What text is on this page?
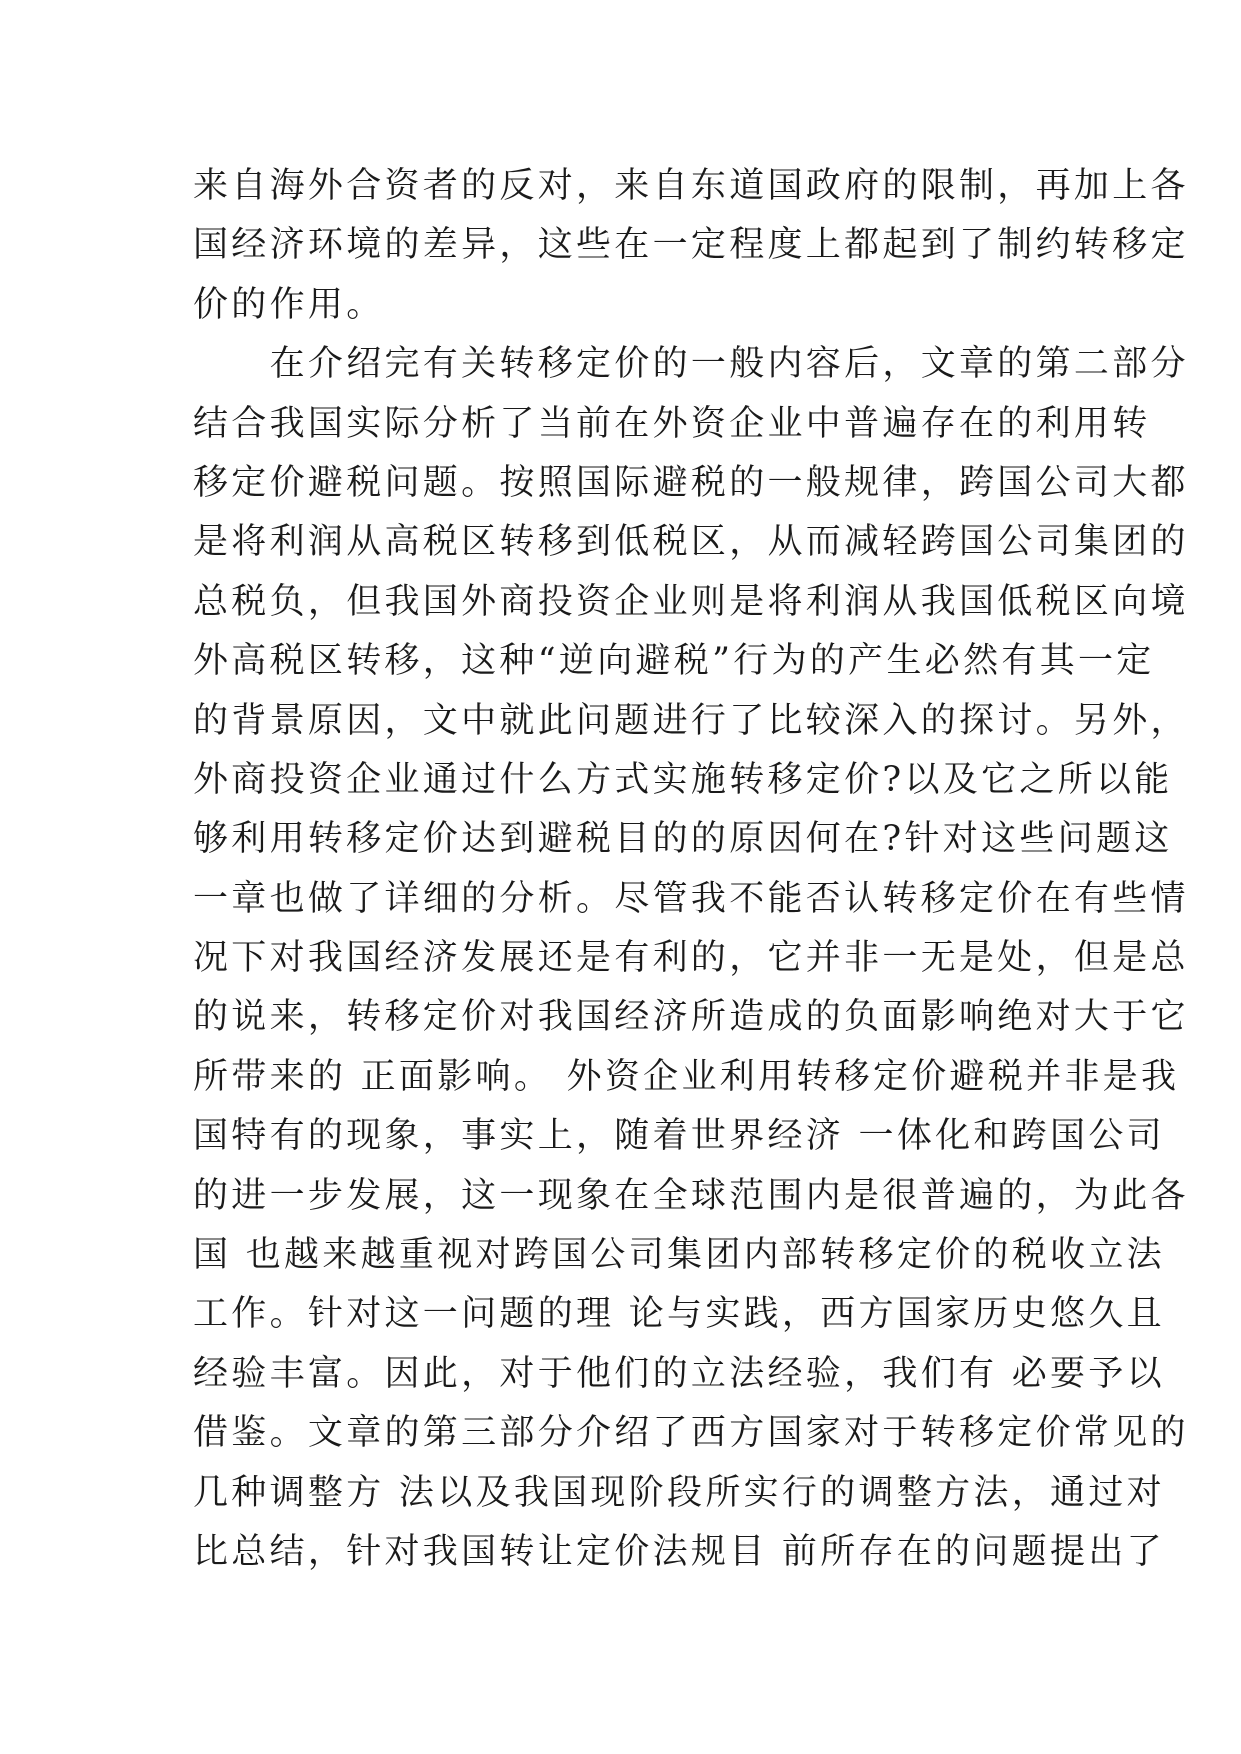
来自海外合资者的反对，来自东道国政府的限制，再加上各
国经济环境的差异，这些在一定程度上都起到了制约转移定
价的作用。
　　在介绍完有关转移定价的一般内容后，文章的第二部分
结合我国实际分析了当前在外资企业中普遍存在的利用转
移定价避税问题。按照国际避税的一般规律，跨国公司大都
是将利润从高税区转移到低税区，从而减轻跨国公司集团的
总税负，但我国外商投资企业则是将利润从我国低税区向境
外高税区转移，这种“逆向避税”行为的产生必然有其一定
的背景原因，文中就此问题进行了比较深入的探讨。另外，
外商投资企业通过什么方式实施转移定价?以及它之所以能
够利用转移定价达到避税目的的原因何在?针对这些问题这
一章也做了详细的分析。尽管我不能否认转移定价在有些情
况下对我国经济发展还是有利的，它并非一无是处，但是总
的说来，转移定价对我国经济所造成的负面影响绝对大于它
所带来的 正面影响。 外资企业利用转移定价避税并非是我
国特有的现象，事实上，随着世界经济 一体化和跨国公司
的进一步发展，这一现象在全球范围内是很普遍的，为此各
国 也越来越重视对跨国公司集团内部转移定价的税收立法
工作。针对这一问题的理 论与实践，西方国家历史悠久且
经验丰富。因此，对于他们的立法经验，我们有 必要予以
借鉴。文章的第三部分介绍了西方国家对于转移定价常见的
几种调整方 法以及我国现阶段所实行的调整方法，通过对
比总结，针对我国转让定价法规目 前所存在的问题提出了
